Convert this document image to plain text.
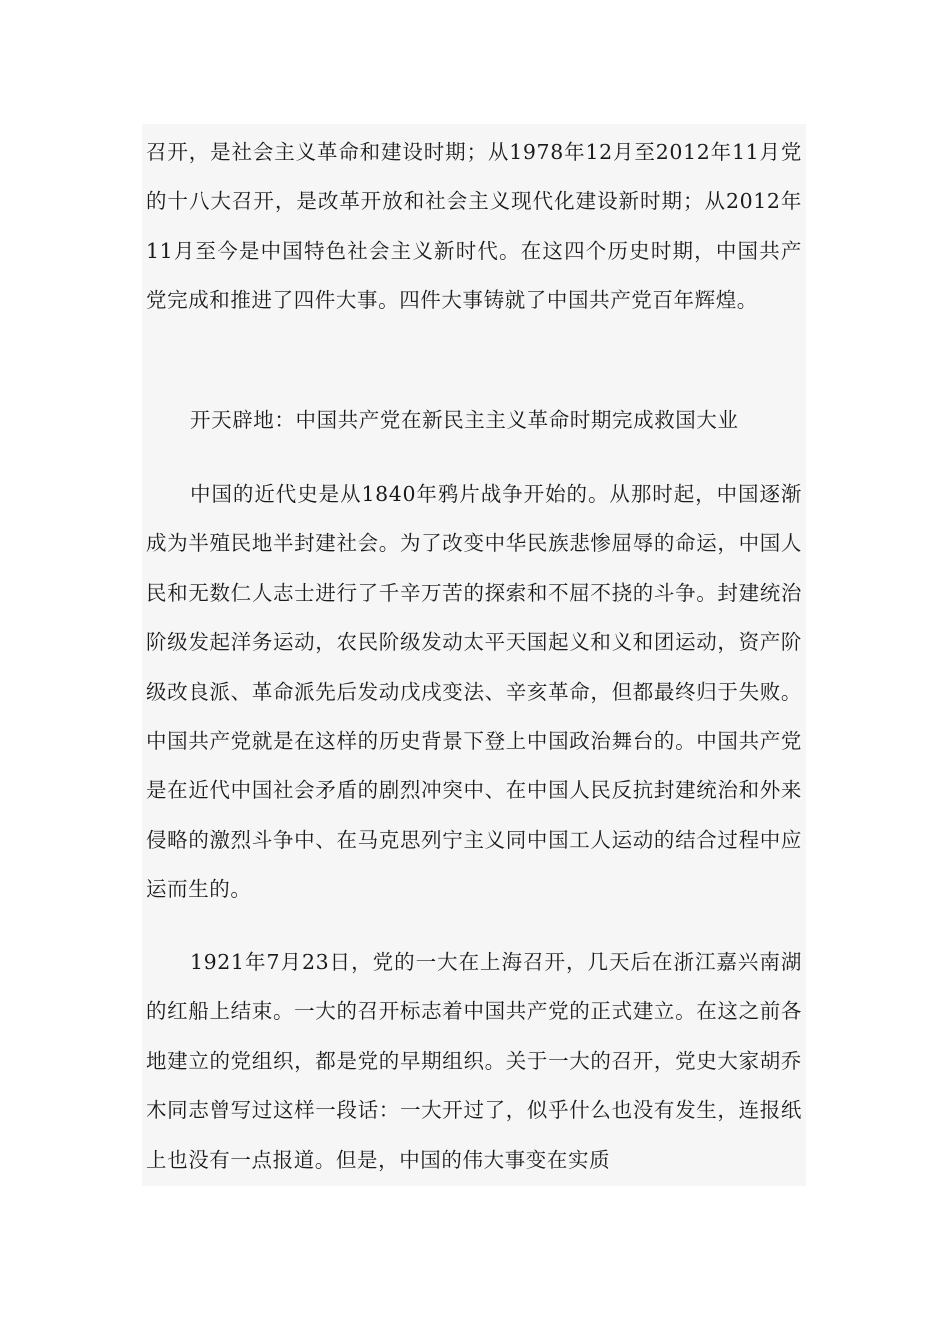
召开，是社会主义革命和建设时期；从1978年12月至2012年11月党的十八大召开，是改革开放和社会主义现代化建设新时期；从2012年11月至今是中国特色社会主义新时代。在这四个历史时期，中国共产党完成和推进了四件大事。四件大事铸就了中国共产党百年辉煌。

开天辟地：中国共产党在新民主主义革命时期完成救国大业

中国的近代史是从1840年鸦片战争开始的。从那时起，中国逐渐成为半殖民地半封建社会。为了改变中华民族悲惨屈辱的命运，中国人民和无数仁人志士进行了千辛万苦的探索和不屈不挠的斗争。封建统治阶级发起洋务运动，农民阶级发动太平天国起义和义和团运动，资产阶级改良派、革命派先后发动戊戌变法、辛亥革命，但都最终归于失败。中国共产党就是在这样的历史背景下登上中国政治舞台的。中国共产党是在近代中国社会矛盾的剧烈冲突中、在中国人民反抗封建统治和外来侵略的激烈斗争中、在马克思列宁主义同中国工人运动的结合过程中应运而生的。

1921年7月23日，党的一大在上海召开，几天后在浙江嘉兴南湖的红船上结束。一大的召开标志着中国共产党的正式建立。在这之前各地建立的党组织，都是党的早期组织。关于一大的召开，党史大家胡乔木同志曾写过这样一段话：一大开过了，似乎什么也没有发生，连报纸上也没有一点报道。但是，中国的伟大事变在实质
